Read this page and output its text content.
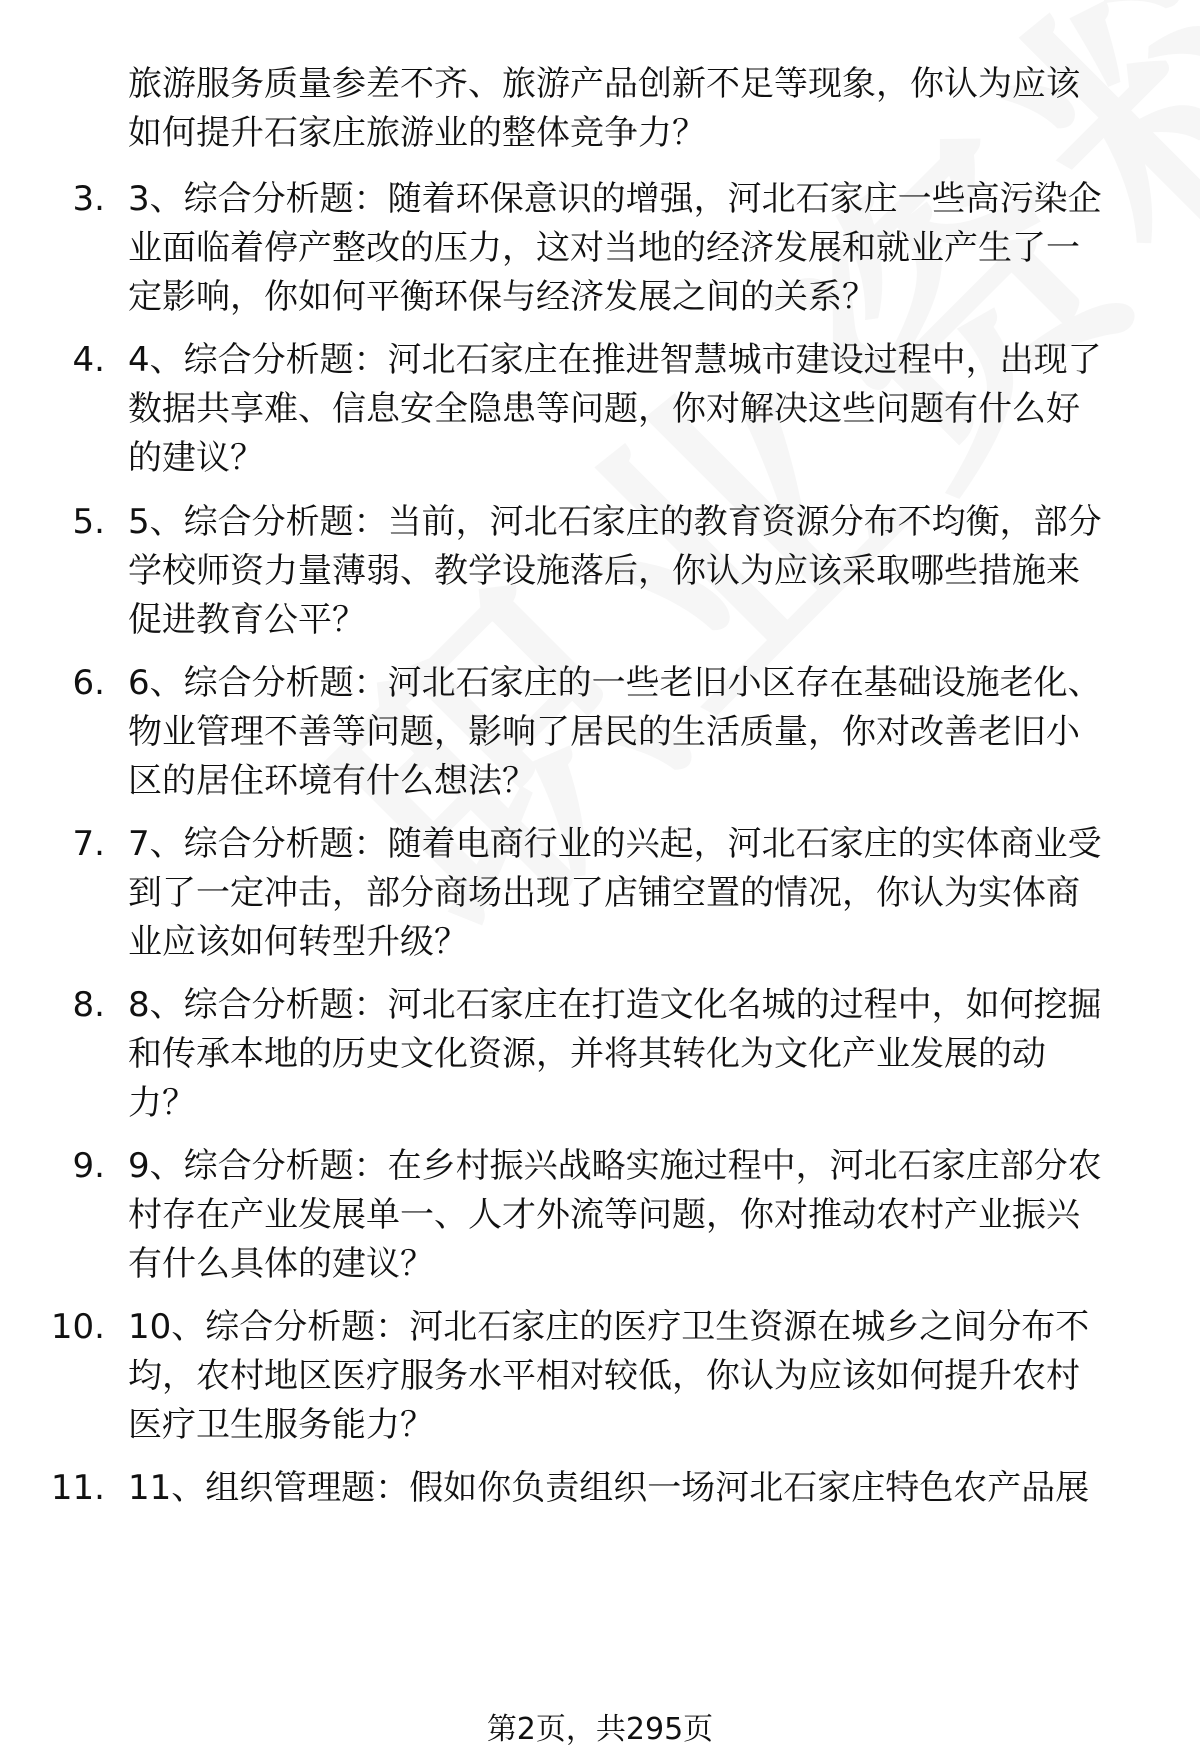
旅游服务质量参差不齐、旅游产品创新不足等现象，你认为应该
如何提升石家庄旅游业的整体竞争力？
3. 3、综合分析题：随着环保意识的增强，河北石家庄一些高污染企
业面临着停产整改的压力，这对当地的经济发展和就业产生了一
定影响，你如何平衡环保与经济发展之间的关系？
4. 4、综合分析题：河北石家庄在推进智慧城市建设过程中，出现了
数据共享难、信息安全隐患等问题，你对解决这些问题有什么好
的建议？
5. 5、综合分析题：当前，河北石家庄的教育资源分布不均衡，部分
学校师资力量薄弱、教学设施落后，你认为应该采取哪些措施来
促进教育公平？
6. 6、综合分析题：河北石家庄的一些老旧小区存在基础设施老化、
物业管理不善等问题，影响了居民的生活质量，你对改善老旧小
区的居住环境有什么想法？
7. 7、综合分析题：随着电商行业的兴起，河北石家庄的实体商业受
到了一定冲击，部分商场出现了店铺空置的情况，你认为实体商
业应该如何转型升级？
8. 8、综合分析题：河北石家庄在打造文化名城的过程中，如何挖掘
和传承本地的历史文化资源，并将其转化为文化产业发展的动
力？
9. 9、综合分析题：在乡村振兴战略实施过程中，河北石家庄部分农
村存在产业发展单一、人才外流等问题，你对推动农村产业振兴
有什么具体的建议？
10. 10、综合分析题：河北石家庄的医疗卫生资源在城乡之间分布不
均，农村地区医疗服务水平相对较低，你认为应该如何提升农村
医疗卫生服务能力？
11. 11、组织管理题：假如你负责组织一场河北石家庄特色农产品展
第2页，共295页
